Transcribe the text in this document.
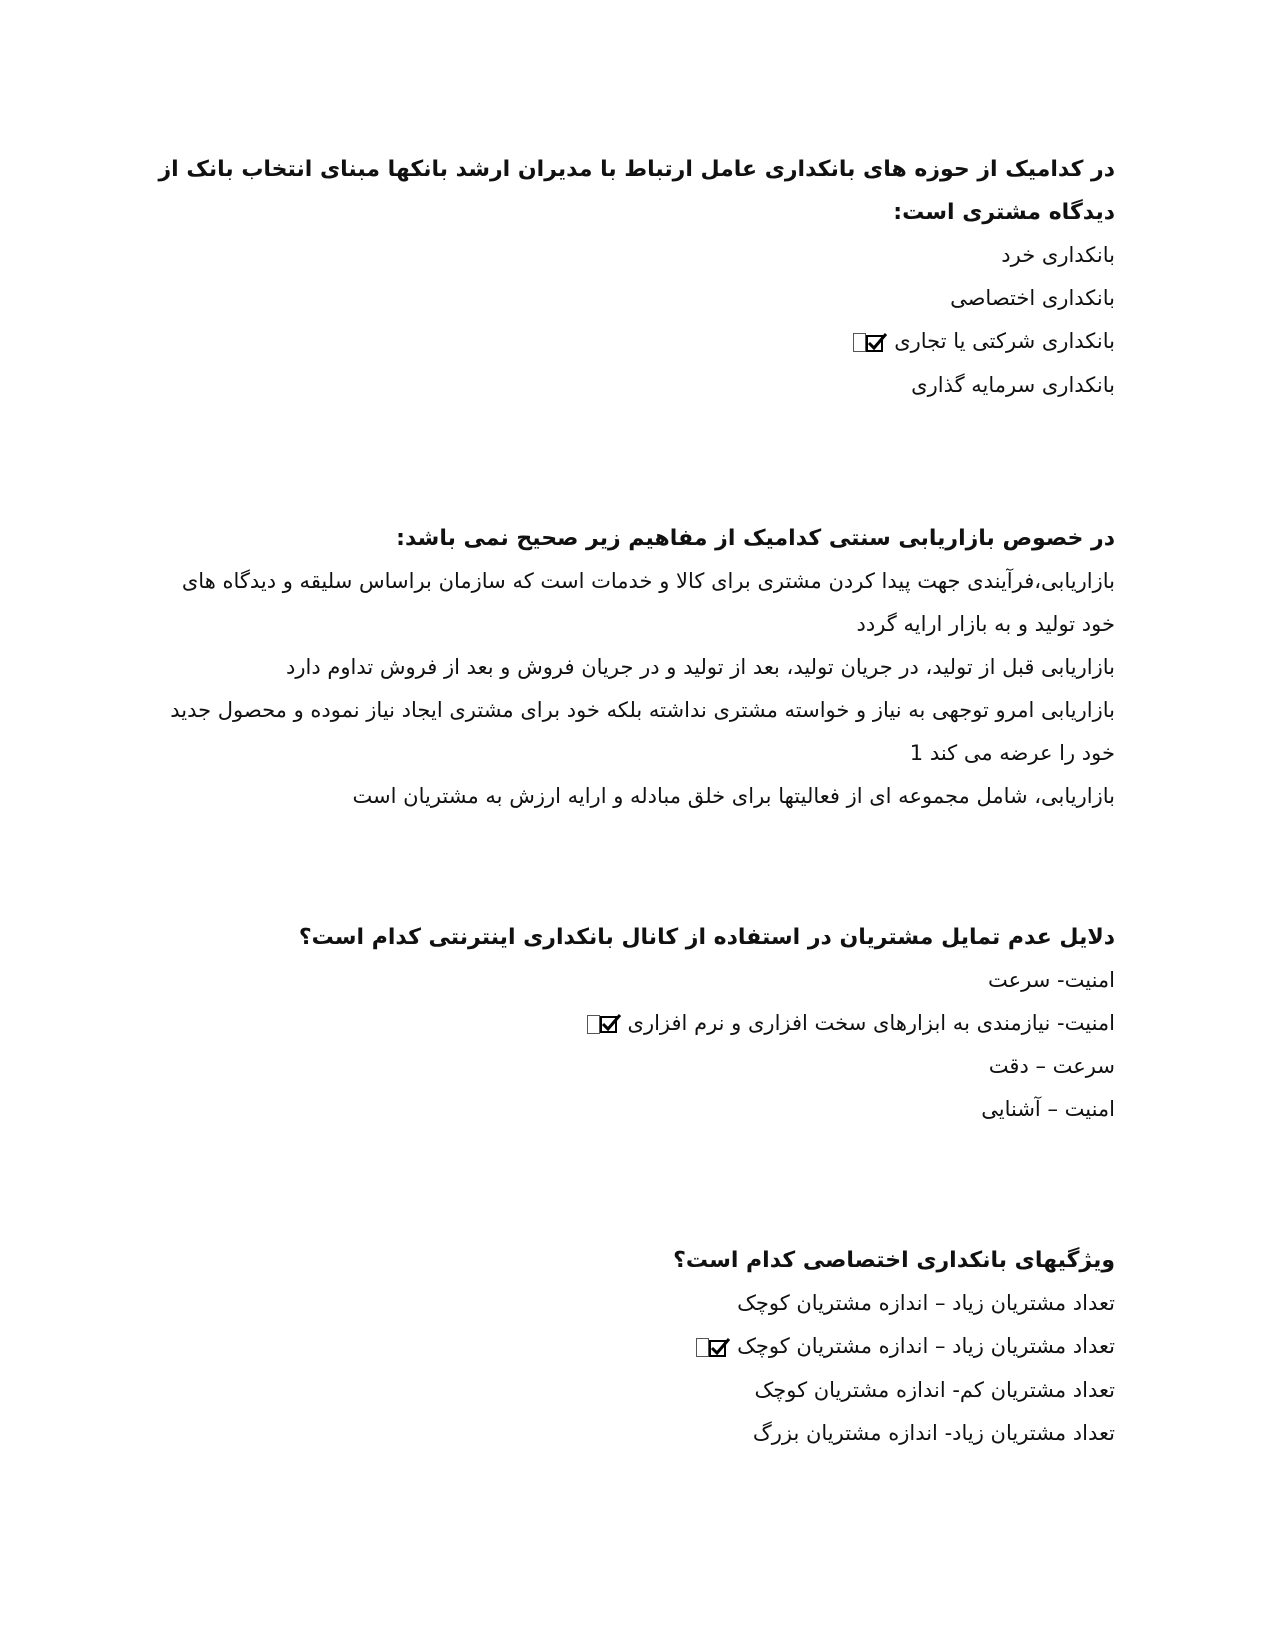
در کدامیک از حوزه های بانکداری عامل ارتباط با مدیران ارشد بانکها مبنای انتخاب بانک از دیدگاه مشتری است:

بانکداری خرد

بانکداری اختصاصی

بانکداری شرکتی یا تجاری

بانکداری سرمایه گذاری

در خصوص بازاریابی سنتی کدامیک از مفاهیم زیر صحیح نمی باشد:

بازاریابی،فرآیندی جهت پیدا کردن مشتری برای کالا و خدمات است که سازمان براساس سلیقه و دیدگاه های خود تولید و به بازار ارایه گردد

بازاریابی قبل از تولید، در جریان تولید، بعد از تولید و در جریان فروش و بعد از فروش تداوم دارد

بازاریابی امرو توجهی به نیاز و خواسته مشتری نداشته بلکه خود برای مشتری ایجاد نیاز نموده و محصول جدید خود را عرضه می کند 1

بازاریابی، شامل مجموعه ای از فعالیتها برای خلق مبادله و ارایه ارزش به مشتریان است

دلایل عدم تمایل مشتریان در استفاده از کانال بانکداری اینترنتی کدام است؟

امنیت- سرعت

امنیت- نیازمندی به ابزارهای سخت افزاری و نرم افزاری

سرعت – دقت

امنیت – آشنایی

ویژگیهای بانکداری اختصاصی کدام است؟

تعداد مشتریان زیاد – اندازه مشتریان کوچک

تعداد مشتریان زیاد – اندازه مشتریان کوچک

تعداد مشتریان کم- اندازه مشتریان کوچک

تعداد مشتریان زیاد- اندازه مشتریان بزرگ
